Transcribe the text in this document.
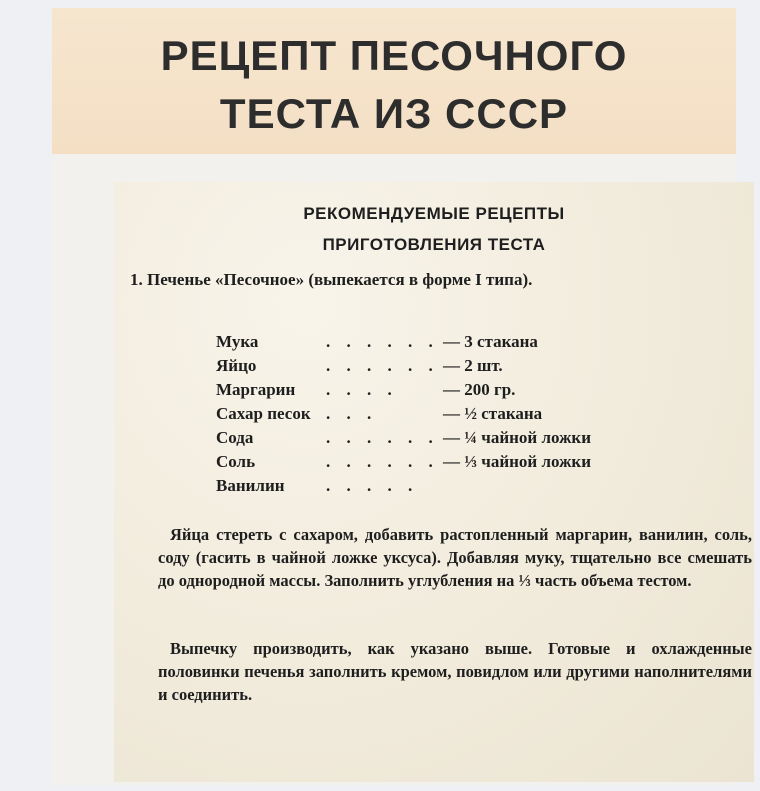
РЕЦЕПТ ПЕСОЧНОГО
ТЕСТА ИЗ СССР
РЕКОМЕНДУЕМЫЕ РЕЦЕПТЫ
ПРИГОТОВЛЕНИЯ ТЕСТА

1. Печенье «Песочное» (выпекается в форме I типа).

Мука	. . . . . . — 3 стакана
Яйцо	. . . . . . — 2 шт.
Маргарин . . . .	— 200 гр.
Сахар песок . . .	— ½ стакана
Сода	. . . . . . — ¼ чайной ложки
Соль	. . . . . . — ⅓ чайной ложки
Ванилин . . . . .

Яйца стереть с сахаром, добавить растопленный маргарин, ванилин, соль, соду (гасить в чайной ложке уксуса). Добавляя муку, тщательно все смешать до однородной массы. Заполнить углубления на ⅓ часть объема тестом.

Выпечку производить, как указано выше. Готовые и охлажденные половинки печенья заполнить кремом, повидлом или другими наполнителями и соединить.
